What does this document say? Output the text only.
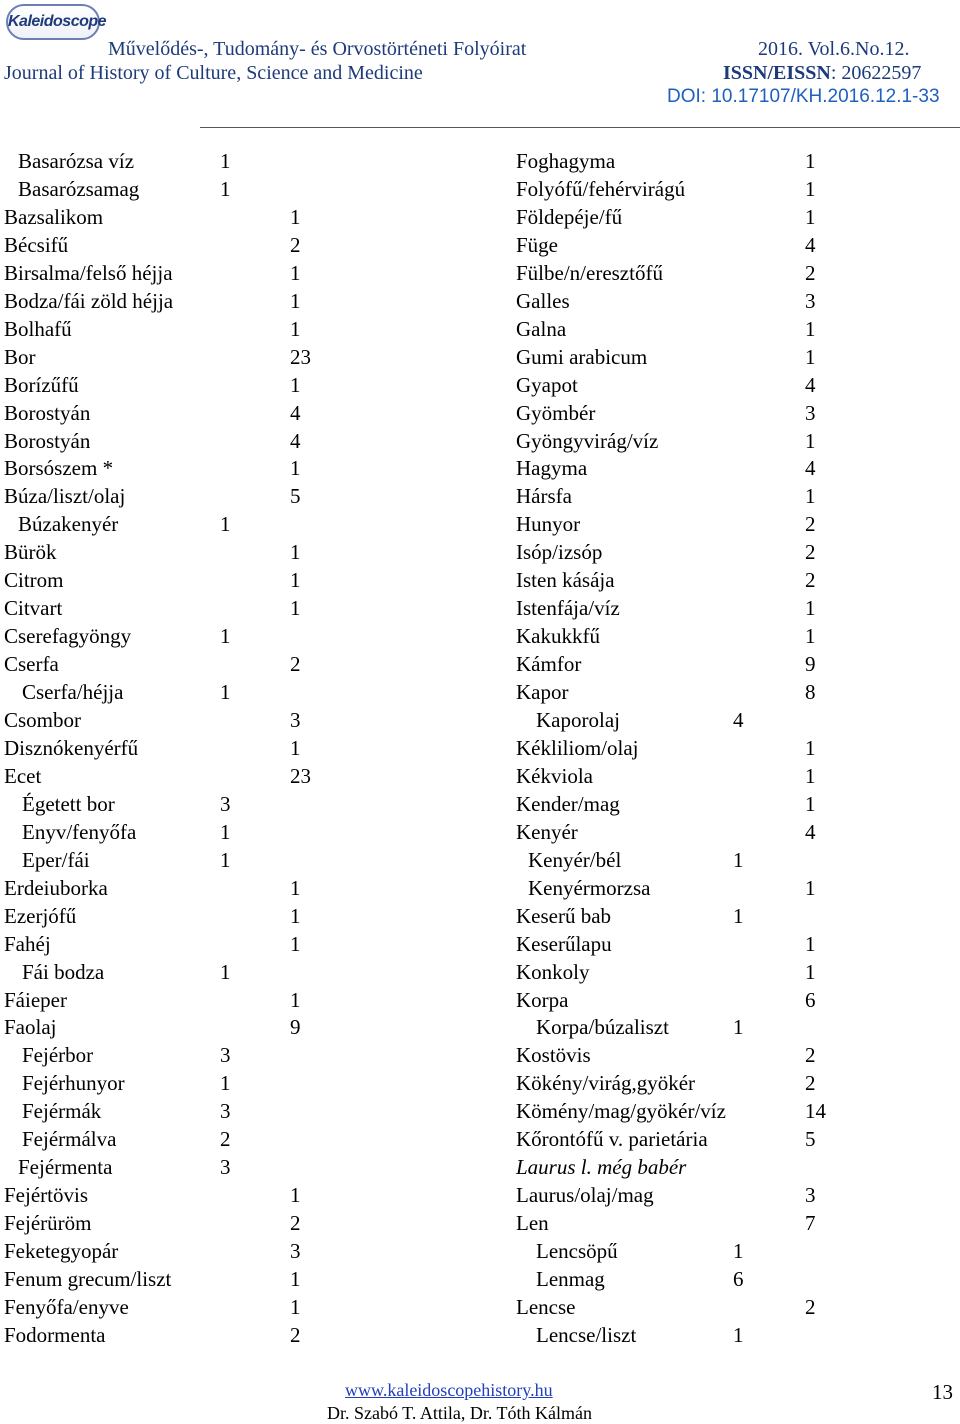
Kaleidoscope
Művelődés-, Tudomány- és Orvostörténeti Folyóirat
Journal of History of Culture, Science and Medicine
2016. Vol.6.No.12.
ISSN/EISSN: 20622597
DOI: 10.17107/KH.2016.12.1-33
Basarózsa víz	1
Basarózsamag	1
Bazsalikom	1
Bécsifű	2
Birsalma/felső héjja	1
Bodza/fái zöld héjja	1
Bolhafű	1
Bor	23
Borízűfű	1
Borostyán	4
Borostyán	4
Borsószem *	1
Búza/liszt/olaj	5
Búzakenyér	1
Bürök	1
Citrom	1
Citvart	1
Cserefagyöngy	1
Cserfa	2
Cserfa/héjja	1
Csombor	3
Disznókenyérfű	1
Ecet	23
Égetett bor	3
Enyv/fenyőfa	1
Eper/fái	1
Erdeiuborka	1
Ezerjófű	1
Fahéj	1
Fái bodza	1
Fáieper	1
Faolaj	9
Fejérbor	3
Fejérhunyor	1
Fejérmák	3
Fejérmálva	2
Fejérmenta	3
Fejértövis	1
Fejérüröm	2
Feketegyopár	3
Fenum grecum/liszt	1
Fenyőfa/enyve	1
Fodormenta	2
Foghagyma	1
Folyófű/fehérvirágú	1
Földepéje/fű	1
Füge	4
Fülbe/n/eresztőfű	2
Galles	3
Galna	1
Gumi arabicum	1
Gyapot	4
Gyömbér	3
Gyöngyvirág/víz	1
Hagyma	4
Hársfa	1
Hunyor	2
Isóp/izsóp	2
Isten kásája	2
Istenfája/víz	1
Kakukkfű	1
Kámfor	9
Kapor	8
Kaporolaj	4
Kékliliom/olaj	1
Kékviola	1
Kender/mag	1
Kenyér	4
Kenyér/bél	1
Kenyérmorzsa	1
Keserű bab	1
Keserűlapu	1
Konkoly	1
Korpa	6
Korpa/búzaliszt	1
Kostövis	2
Kökény/virág,gyökér	2
Kömény/mag/gyökér/víz	14
Kőrontófű v. parietária	5
Laurus l. még babér
Laurus/olaj/mag	3
Len	7
Lencsöpű	1
Lenmag	6
Lencse	2
Lencse/liszt	1
www.kaleidoscopehistory.hu
Dr. Szabó T. Attila, Dr. Tóth Kálmán
13
